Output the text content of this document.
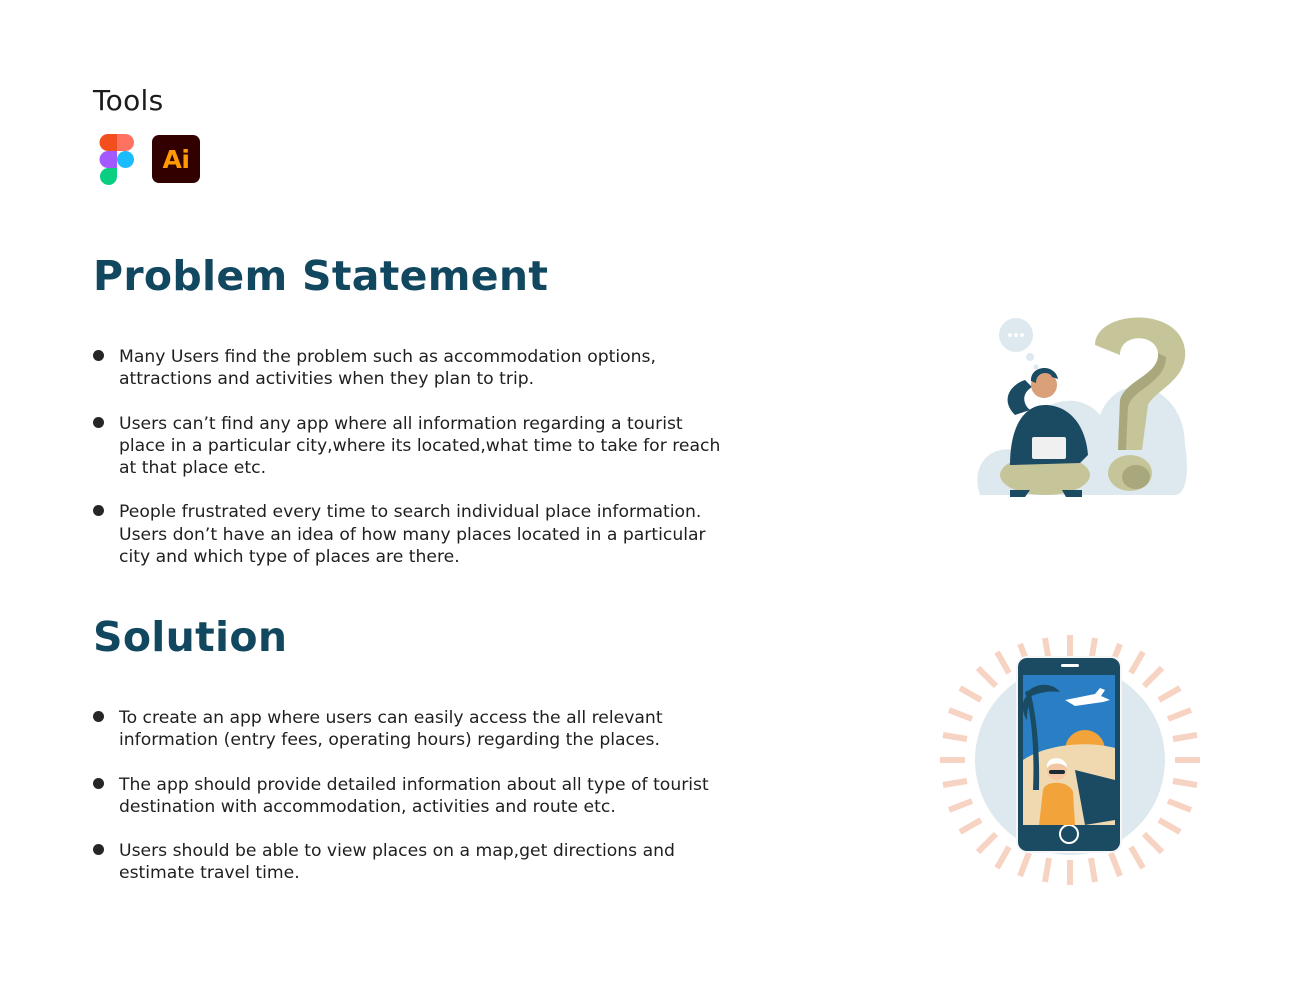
Tools
Ai
Problem Statement
Many Users find the problem such as accommodation options,
attractions and activities when they plan to trip.
Users can’t find any app where all information regarding a tourist
place in a particular city,where its located,what time to take for reach
at that place etc.
People frustrated every time to search individual place information.
Users don’t have an idea of how many places located in a particular
city and which type of places are there.
Solution
To create an app where users can easily access the all relevant
information (entry fees, operating hours) regarding the places.
The app should provide detailed information about all type of tourist
destination with accommodation, activities and route etc.
Users should be able to view places on a map,get directions and
estimate travel time.
